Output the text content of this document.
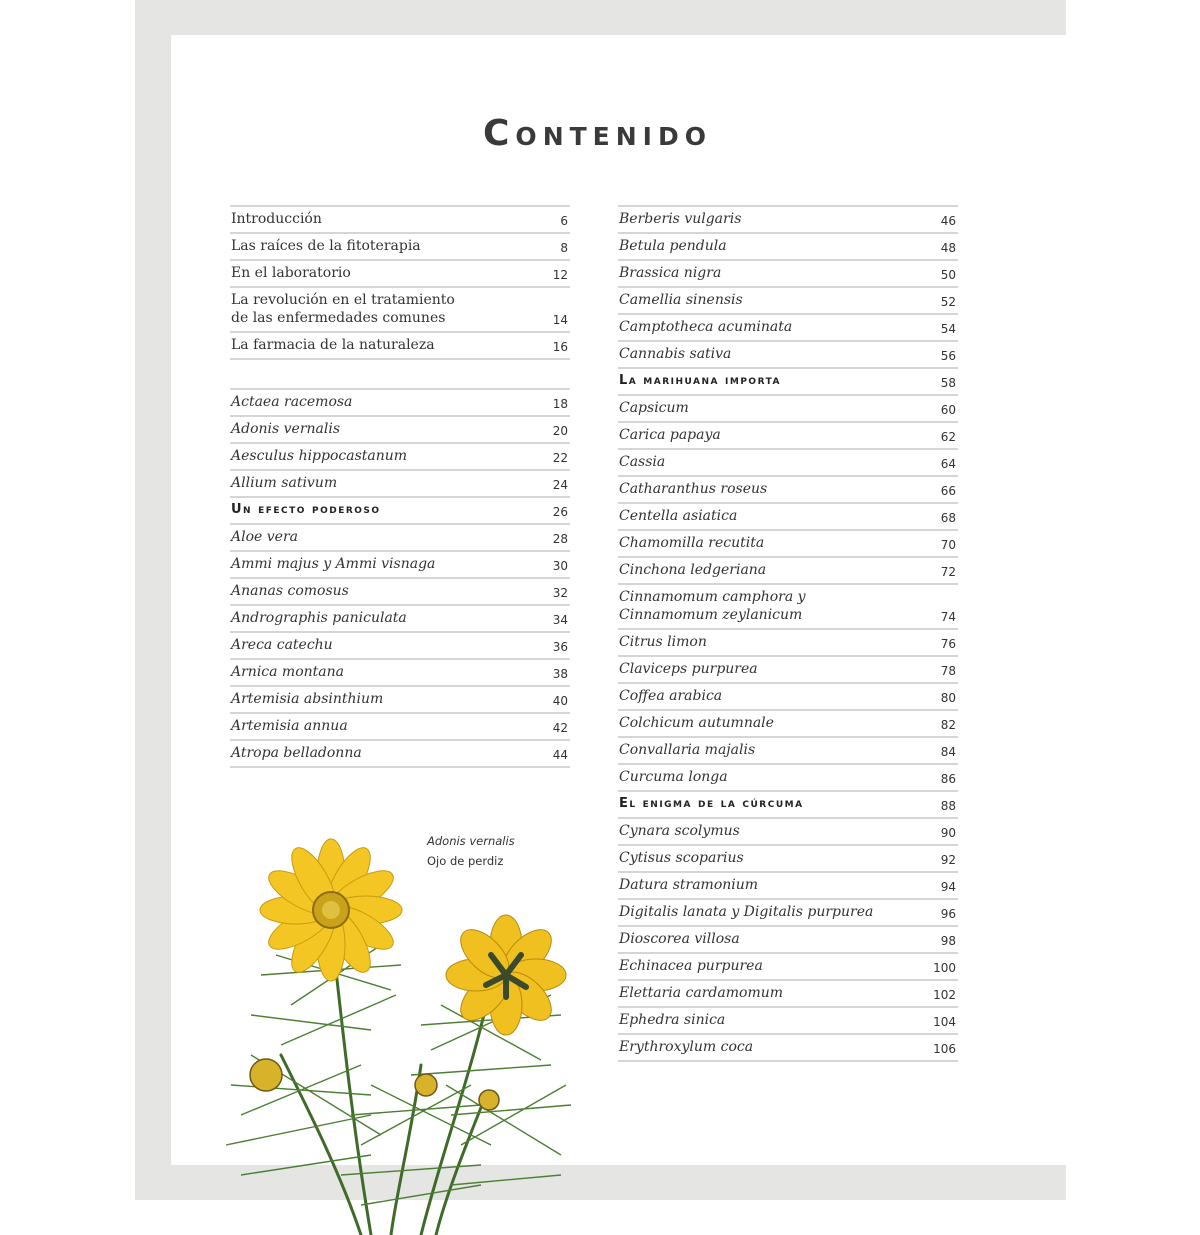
Contenido
Introducción	6
Las raíces de la fitoterapia	8
En el laboratorio	12
La revolución en el tratamiento
de las enfermedades comunes	14
La farmacia de la naturaleza	16
Actaea racemosa	18
Adonis vernalis	20
Aesculus hippocastanum	22
Allium sativum	24
Un efecto poderoso	26
Aloe vera	28
Ammi majus y Ammi visnaga	30
Ananas comosus	32
Andrographis paniculata	34
Areca catechu	36
Arnica montana	38
Artemisia absinthium	40
Artemisia annua	42
Atropa belladonna	44
Berberis vulgaris	46
Betula pendula	48
Brassica nigra	50
Camellia sinensis	52
Camptotheca acuminata	54
Cannabis sativa	56
La marihuana importa	58
Capsicum	60
Carica papaya	62
Cassia	64
Catharanthus roseus	66
Centella asiatica	68
Chamomilla recutita	70
Cinchona ledgeriana	72
Cinnamomum camphora y
Cinnamomum zeylanicum	74
Citrus limon	76
Claviceps purpurea	78
Coffea arabica	80
Colchicum autumnale	82
Convallaria majalis	84
Curcuma longa	86
El enigma de la cúrcuma	88
Cynara scolymus	90
Cytisus scoparius	92
Datura stramonium	94
Digitalis lanata y Digitalis purpurea	96
Dioscorea villosa	98
Echinacea purpurea	100
Elettaria cardamomum	102
Ephedra sinica	104
Erythroxylum coca	106
Adonis vernalis
Ojo de perdiz
